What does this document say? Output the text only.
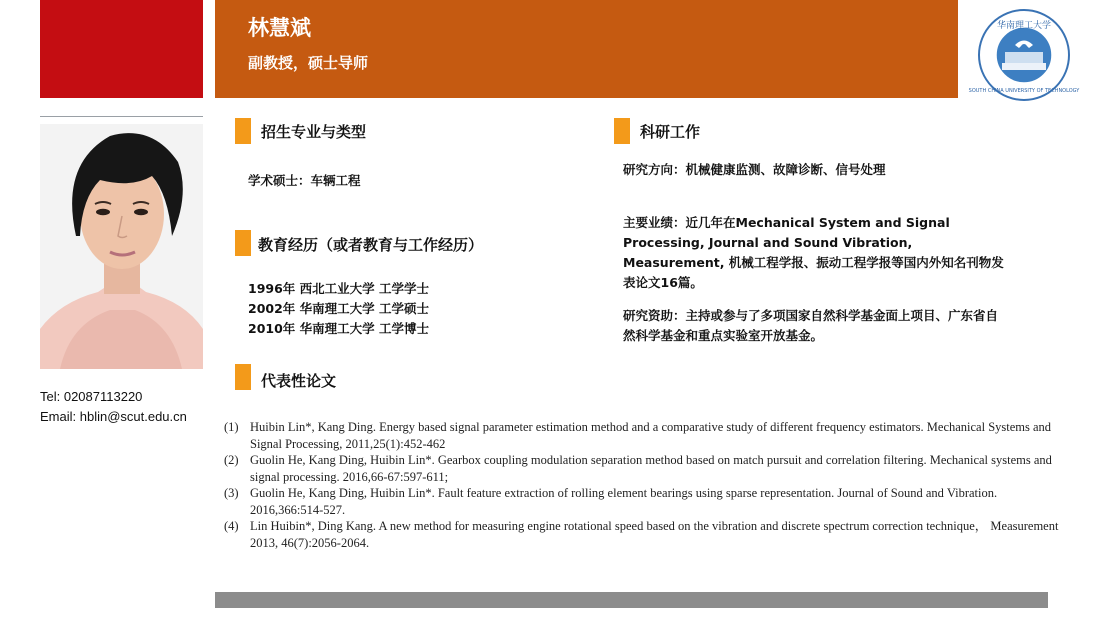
林慧斌
副教授，硕士导师
Tel: 02087113220
Email: hblin@scut.edu.cn
华南理工大学
SOUTH CHINA UNIVERSITY OF TECHNOLOGY
招生专业与类型
学术硕士：车辆工程
教育经历（或者教育与工作经历）
1996年 西北工业大学 工学学士
2002年 华南理工大学 工学硕士
2010年 华南理工大学 工学博士
科研工作
研究方向：机械健康监测、故障诊断、信号处理
主要业绩：近几年在Mechanical System and Signal Processing, Journal and Sound Vibration, Measurement, 机械工程学报、振动工程学报等国内外知名刊物发表论文16篇。
研究资助：主持或参与了多项国家自然科学基金面上项目、广东省自然科学基金和重点实验室开放基金。
代表性论文
(1) Huibin Lin*, Kang Ding. Energy based signal parameter estimation method and a comparative study of different frequency estimators. Mechanical Systems and Signal Processing, 2011,25(1):452-462
(2) Guolin He, Kang Ding, Huibin Lin*. Gearbox coupling modulation separation method based on match pursuit and correlation filtering. Mechanical systems and signal processing. 2016,66-67:597-611;
(3) Guolin He, Kang Ding, Huibin Lin*. Fault feature extraction of rolling element bearings using sparse representation. Journal of Sound and Vibration. 2016,366:514-527.
(4) Lin Huibin*, Ding Kang. A new method for measuring engine rotational speed based on the vibration and discrete spectrum correction technique， Measurement 2013, 46(7):2056-2064.
